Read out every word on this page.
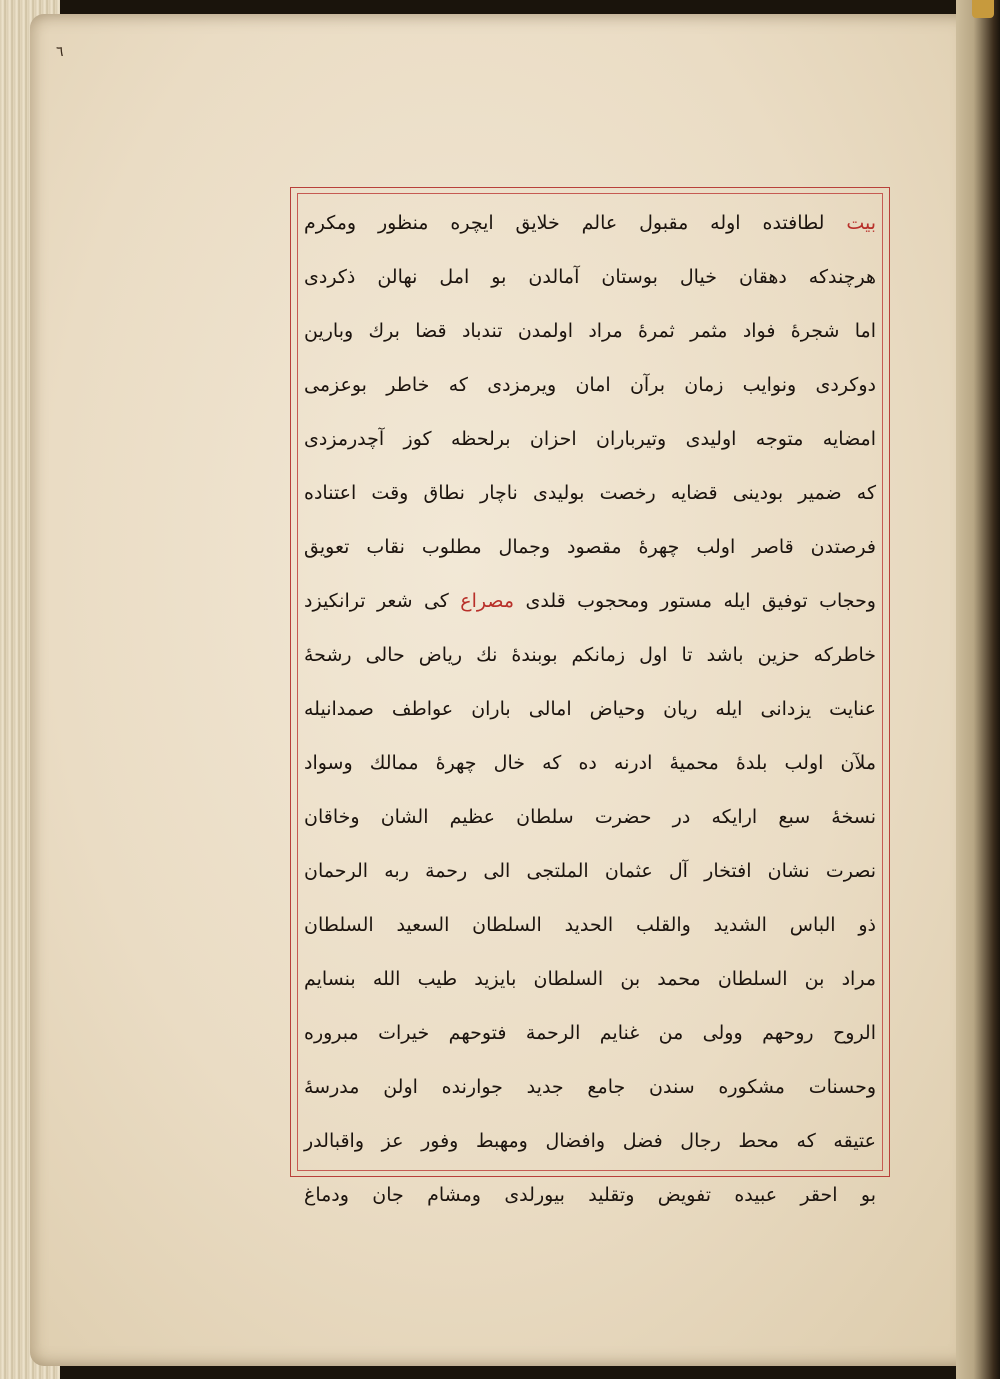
٦
بيت لطافتدە اولە مقبول عالم خلايق ايچرە منظور ومكرم
هرچندكه دهقان خيال بوستان آمالدن بو امل نهالن ذكردى
اما شجرۀ فواد مثمر ثمرۀ مراد اولمدن تندباد قضا برك وبارين
دوكردى ونوايب زمان برآن امان ويرمزدى كه خاطر بوعزمى
امضايه متوجه اوليدى وتيرباران احزان برلحظه كوز آچدرمزدى
كه ضمير بودينى قضايه رخصت بوليدى ناچار نطاق وقت اعتناده
فرصتدن قاصر اولب چهرۀ مقصود وجمال مطلوب نقاب تعويق
وحجاب توفيق ايله مستور ومحجوب قلدى مصراع كى شعر ترانكيزد
خاطركه حزين باشد تا اول زمانكم بوبندۀ نك رياض حالى رشحۀ
عنايت يزدانى ايله ريان وحياض امالى باران عواطف صمدانيله
ملآن اولب بلدۀ محميۀ ادرنه ده كه خال چهرۀ ممالك وسواد
نسخۀ سبع ارايكه در حضرت سلطان عظيم الشان وخاقان
نصرت نشان افتخار آل عثمان الملتجى الى رحمة ربه الرحمان
ذو الباس الشديد والقلب الحديد السلطان السعيد السلطان
مراد بن السلطان محمد بن السلطان بايزيد طيب الله بنسايم
الروح روحهم وولى من غنايم الرحمة فتوحهم خيرات مبروره
وحسنات مشكوره سندن جامع جديد جوارنده اولن مدرسۀ
عتيقه كه محط رجال فضل وافضال ومهبط وفور عز واقبالدر
بو احقر عبيده تفويض وتقليد بيورلدى ومشام جان ودماغ
